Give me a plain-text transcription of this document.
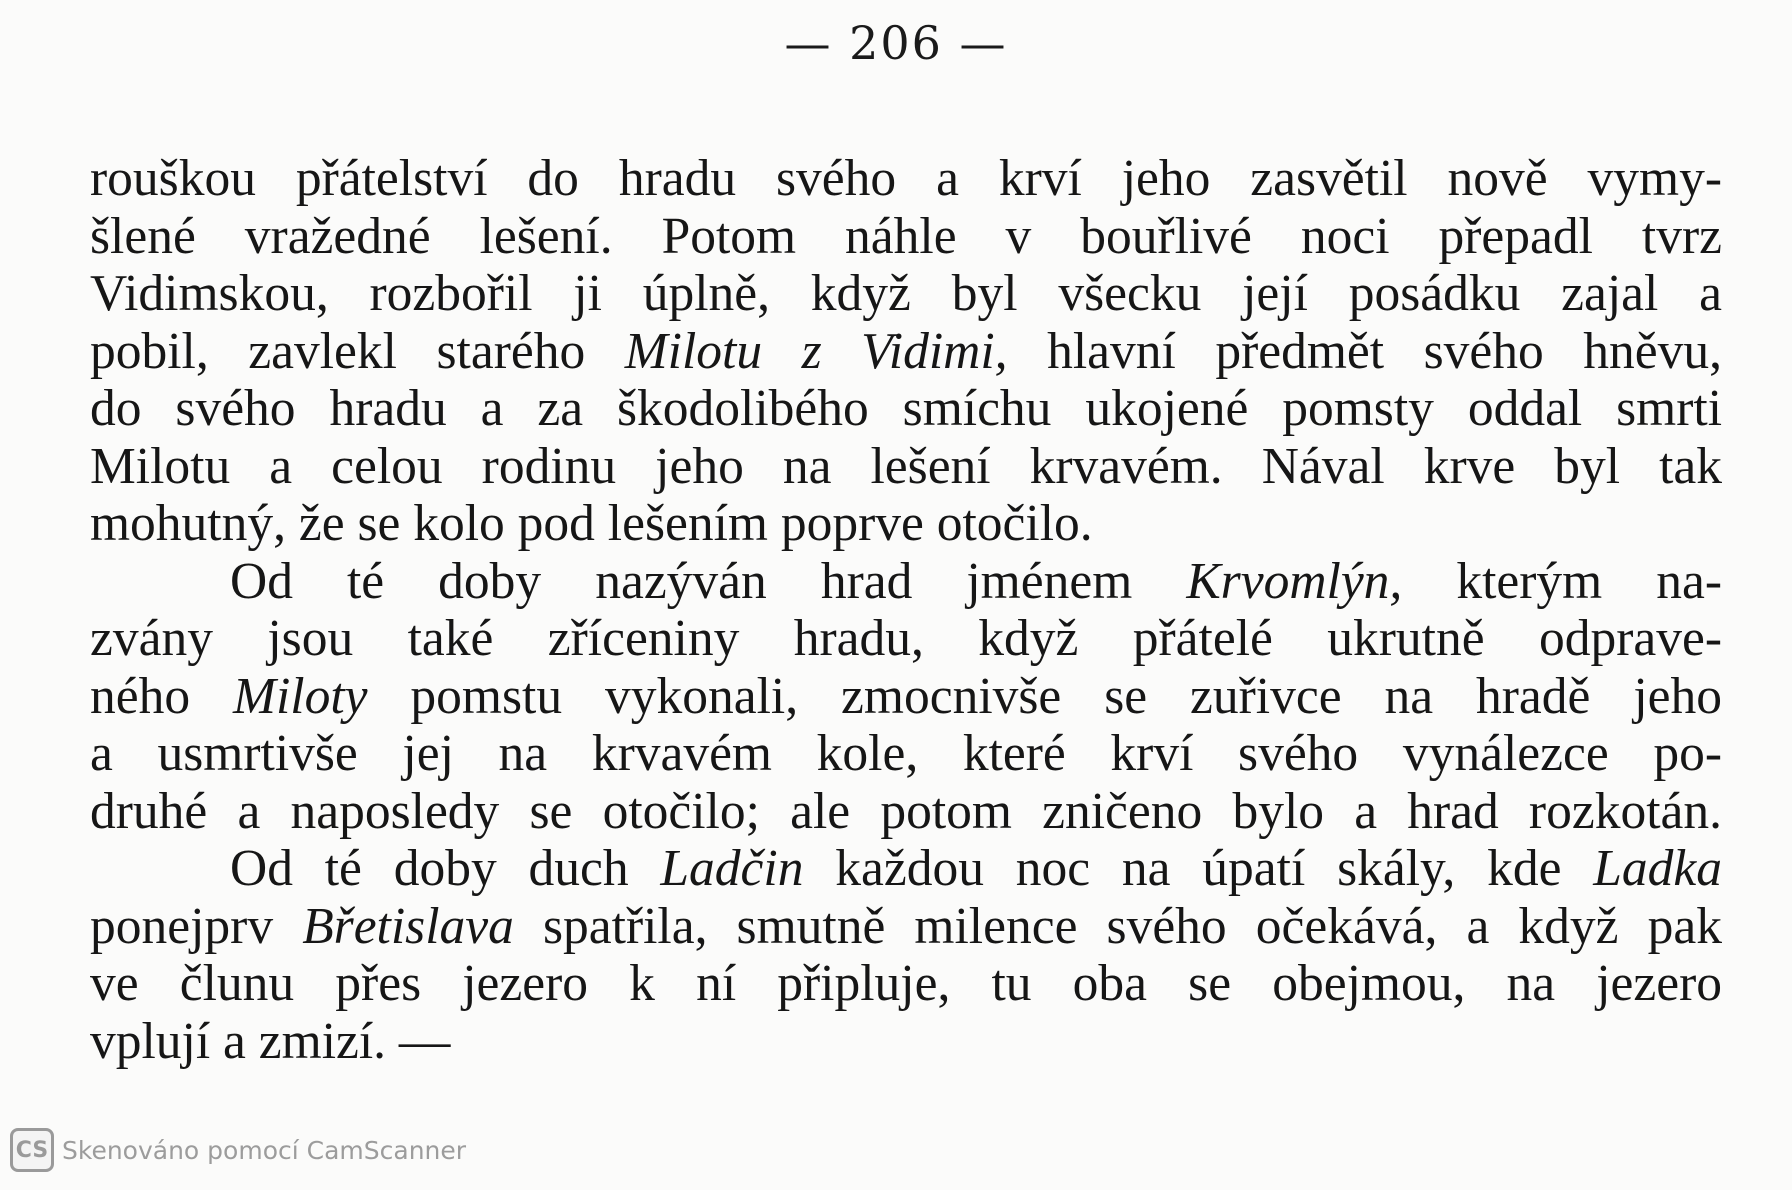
— 206 —
rouškou přátelství do hradu svého a krví jeho zasvětil nově vymy-
šlené vražedné lešení. Potom náhle v bouřlivé noci přepadl tvrz
Vidimskou, rozbořil ji úplně, když byl všecku její posádku zajal a
pobil, zavlekl starého Milotu z Vidimi, hlavní předmět svého hněvu,
do svého hradu a za škodolibého smíchu ukojené pomsty oddal smrti
Milotu a celou rodinu jeho na lešení krvavém. Nával krve byl tak
mohutný, že se kolo pod lešením poprve otočilo.
Od té doby nazýván hrad jménem Krvomlýn, kterým na-
zvány jsou také zříceniny hradu, když přátelé ukrutně odprave-
ného Miloty pomstu vykonali, zmocnivše se zuřivce na hradě jeho
a usmrtivše jej na krvavém kole, které krví svého vynálezce po-
druhé a naposledy se otočilo; ale potom zničeno bylo a hrad rozkotán.
Od té doby duch Ladčin každou noc na úpatí skály, kde Ladka
ponejprv Břetislava spatřila, smutně milence svého očekává, a když pak
ve člunu přes jezero k ní připluje, tu oba se obejmou, na jezero
vplují a zmizí. —
CS Skenováno pomocí CamScanner
